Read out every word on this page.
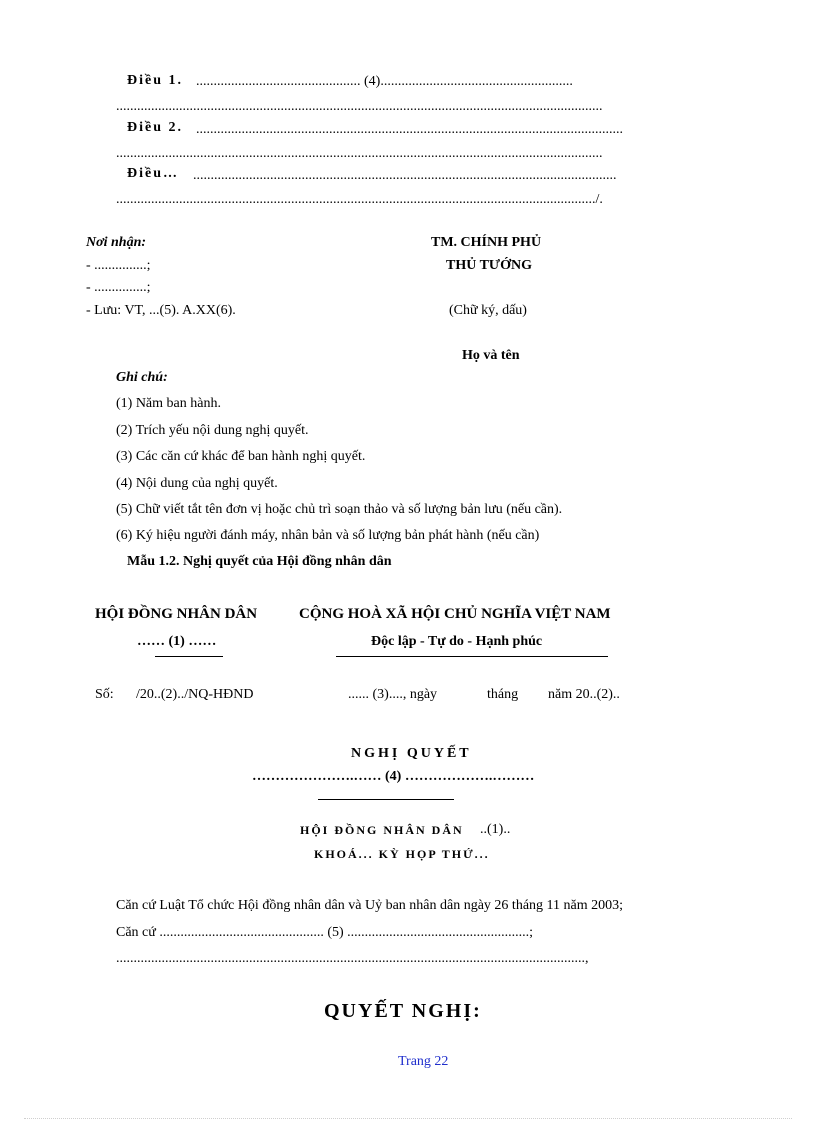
Điều 1. ............................................... (4).......................................................
...........................................................................................................................................
Điều 2. ..........................................................................................................................
...........................................................................................................................................
Điều… .........................................................................................................................
........................................................................................................................................./.
Nơi nhận:
- ...............;
- ...............;
- Lưu: VT, ...(5). A.XX(6).
TM. CHÍNH PHỦ
THỦ TƯỚNG
(Chữ ký, dấu)
Họ và tên
Ghi chú:
(1) Năm ban hành.
(2) Trích yếu nội dung nghị quyết.
(3) Các căn cứ khác để ban hành nghị quyết.
(4) Nội dung của nghị quyết.
(5) Chữ viết tắt tên đơn vị hoặc chủ trì soạn thảo và số lượng bản lưu (nếu cần).
(6) Ký hiệu người đánh máy, nhân bản và số lượng bản phát hành (nếu cần)
Mẫu 1.2. Nghị quyết của Hội đồng nhân dân
HỘI ĐỒNG NHÂN DÂN
…… (1) ……
CỘNG HOÀ XÃ HỘI CHỦ NGHĨA VIỆT NAM
Độc lập - Tự do - Hạnh phúc
Số: /20..(2)../NQ-HĐND	...... (3)...., ngày	tháng năm 20..(2)..
NGHỊ QUYẾT
………………….…… (4) ……………….………
HỘI ĐỒNG NHÂN DÂN ..(1)..
KHOÁ... KỲ HỌP THỨ...
Căn cứ Luật Tổ chức Hội đồng nhân dân và Uỷ ban nhân dân ngày 26 tháng 11 năm 2003;
Căn cứ ............................................... (5) ....................................................;
......................................................................................................................................,
QUYẾT NGHỊ:
Trang 22
